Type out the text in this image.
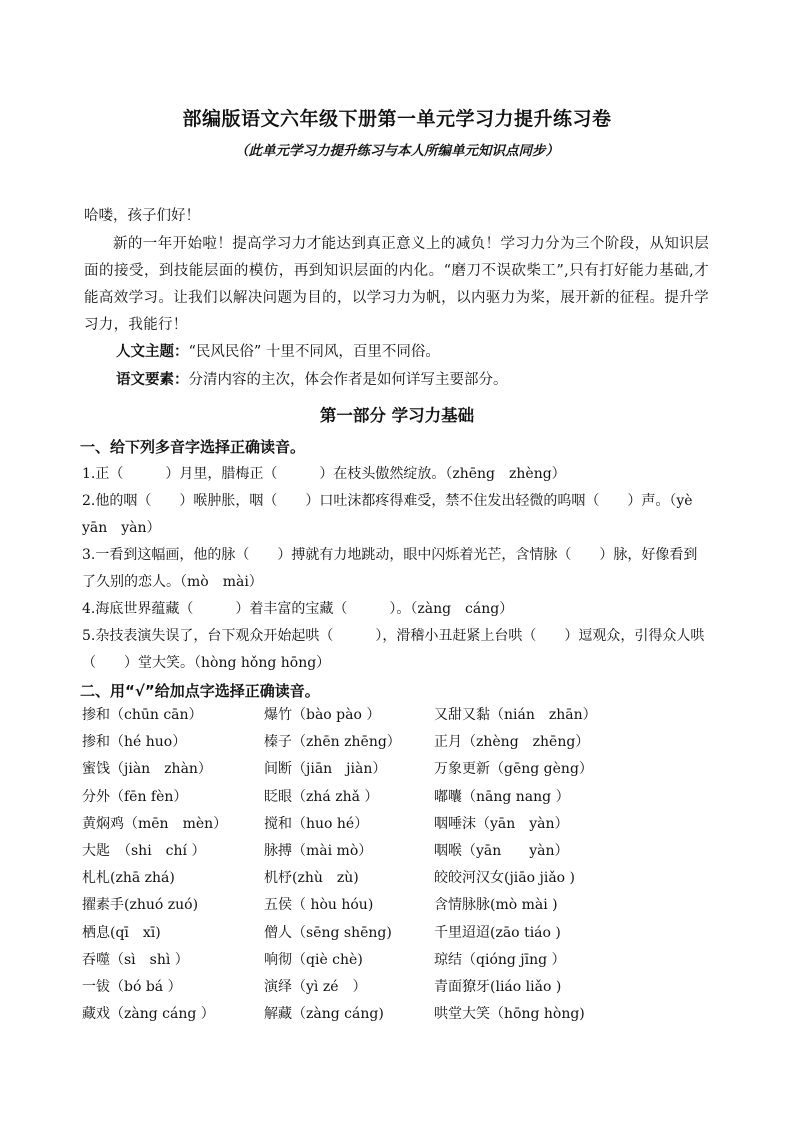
部编版语文六年级下册第一单元学习力提升练习卷
（此单元学习力提升练习与本人所编单元知识点同步）
哈喽，孩子们好！
新的一年开始啦！提高学习力才能达到真正意义上的减负！学习力分为三个阶段，从知识层面的接受，到技能层面的模仿，再到知识层面的内化。“磨刀不误砍柴工”,只有打好能力基础,才能高效学习。让我们以解决问题为目的，以学习力为帆，以内驱力为桨，展开新的征程。提升学习力，我能行！
人文主题：“民风民俗” 十里不同风，百里不同俗。
语文要素：分清内容的主次，体会作者是如何详写主要部分。
第一部分 学习力基础
一、给下列多音字选择正确读音。
1.正（　　　）月里，腊梅正（　　　）在枝头傲然绽放。（zhēng　zhèng）
2.他的咽（　　）喉肿胀，咽（　　）口吐沫都疼得难受，禁不住发出轻微的呜咽（　　）声。（yè　yān　yàn）
3.一看到这幅画，他的脉（　　）搏就有力地跳动，眼中闪烁着光芒，含情脉（　　）脉，好像看到了久别的恋人。（mò　mài）
4.海底世界蕴藏（　　　）着丰富的宝藏（　　　）。（zàng　cáng）
5.杂技表演失误了，台下观众开始起哄（　　　），滑稽小丑赶紧上台哄（　　）逗观众，引得众人哄（　　）堂大笑。（hòng hǒng hōng）
二、用“√”给加点字选择正确读音。
掺和（chūn cān）	爆竹（bào pào ）	又甜又黏（nián　zhān）
掺和（hé huo）	榛子（zhēn zhēng） 正月（zhèng　zhēng）
蜜饯（jiàn　zhàn）	间断（jiān　jiàn）	万象更新（gēng gèng）
分外（fēn fèn）	眨眼（zhá zhǎ ）	嘟囔（nāng nang ）
黄焖鸡（mēn　mèn）	搅和（huo hé）	咽唾沫（yān　yàn）
大匙　（shi　chí ）	脉搏（mài mò）	咽喉（yān　　yàn）
札札(zhā zhá)	机杼(zhù　zù)	皎皎河汉女(jiāo jiǎo )
擢素手(zhuó zuó)	五侯（ hòu hóu)	含情脉脉(mò mài )
栖息(qī　xī)	僧人（sēng shēng)	千里迢迢(zāo tiáo )
吞噬（sì　shì ）	响彻（qiè chè)	琼结（qióng jīng ）
一钹（bó bá ）	演绎（yì zé　）	青面獠牙(liáo liǎo )
藏戏（zàng cáng ）	解藏（zàng cáng)	哄堂大笑（hōng hòng)
